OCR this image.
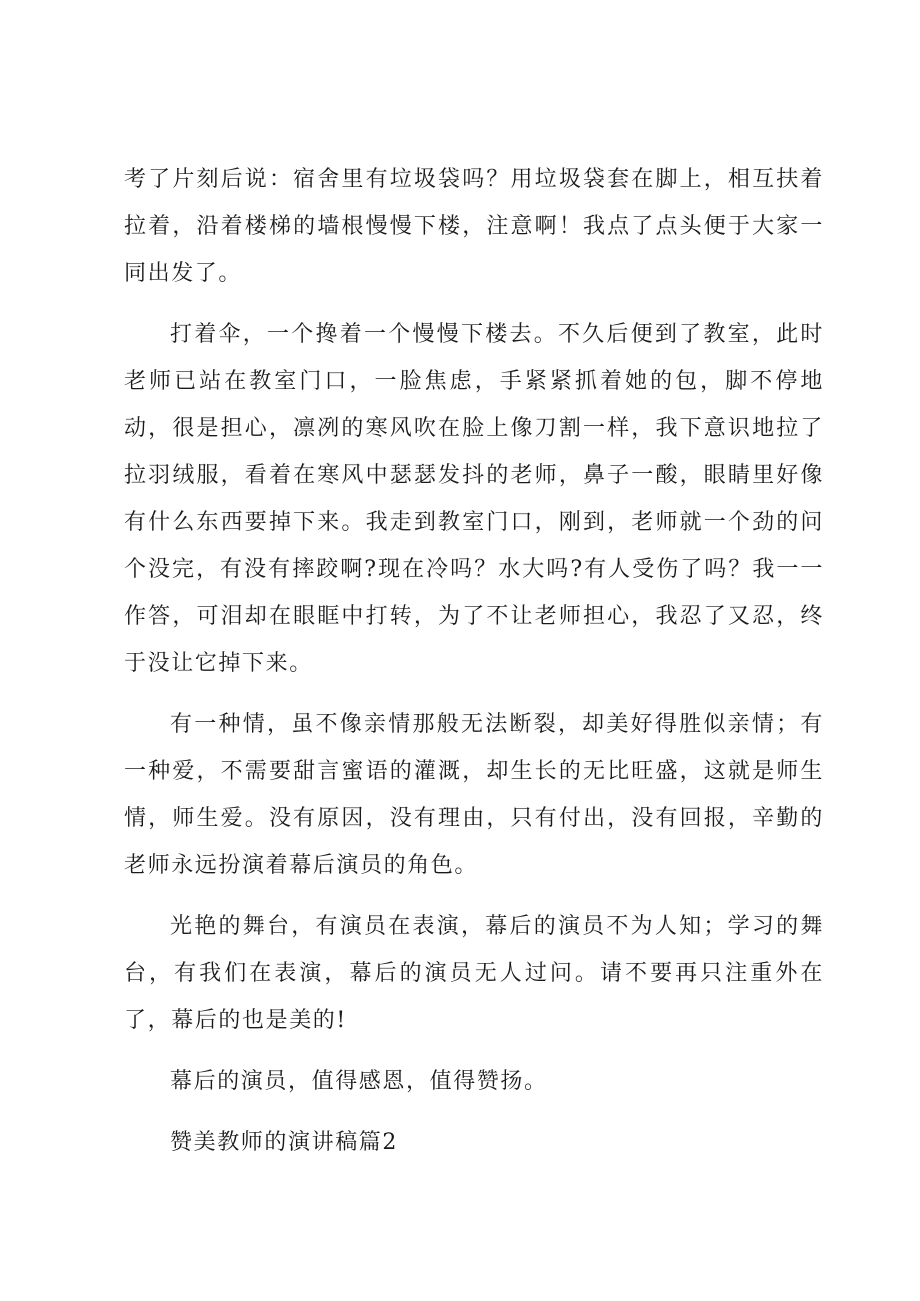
考了片刻后说：宿舍里有垃圾袋吗？用垃圾袋套在脚上，相互扶着拉着，沿着楼梯的墙根慢慢下楼，注意啊！我点了点头便于大家一同出发了。

打着伞，一个搀着一个慢慢下楼去。不久后便到了教室，此时老师已站在教室门口，一脸焦虑，手紧紧抓着她的包，脚不停地动，很是担心，凛冽的寒风吹在脸上像刀割一样，我下意识地拉了拉羽绒服，看着在寒风中瑟瑟发抖的老师，鼻子一酸，眼睛里好像有什么东西要掉下来。我走到教室门口，刚到，老师就一个劲的问个没完，有没有摔跤啊?现在冷吗？水大吗?有人受伤了吗？我一一作答，可泪却在眼眶中打转，为了不让老师担心，我忍了又忍，终于没让它掉下来。

有一种情，虽不像亲情那般无法断裂，却美好得胜似亲情；有一种爱，不需要甜言蜜语的灌溉，却生长的无比旺盛，这就是师生情，师生爱。没有原因，没有理由，只有付出，没有回报，辛勤的老师永远扮演着幕后演员的角色。

光艳的舞台，有演员在表演，幕后的演员不为人知；学习的舞台，有我们在表演，幕后的演员无人过问。请不要再只注重外在了，幕后的也是美的!

幕后的演员，值得感恩，值得赞扬。

赞美教师的演讲稿篇2
